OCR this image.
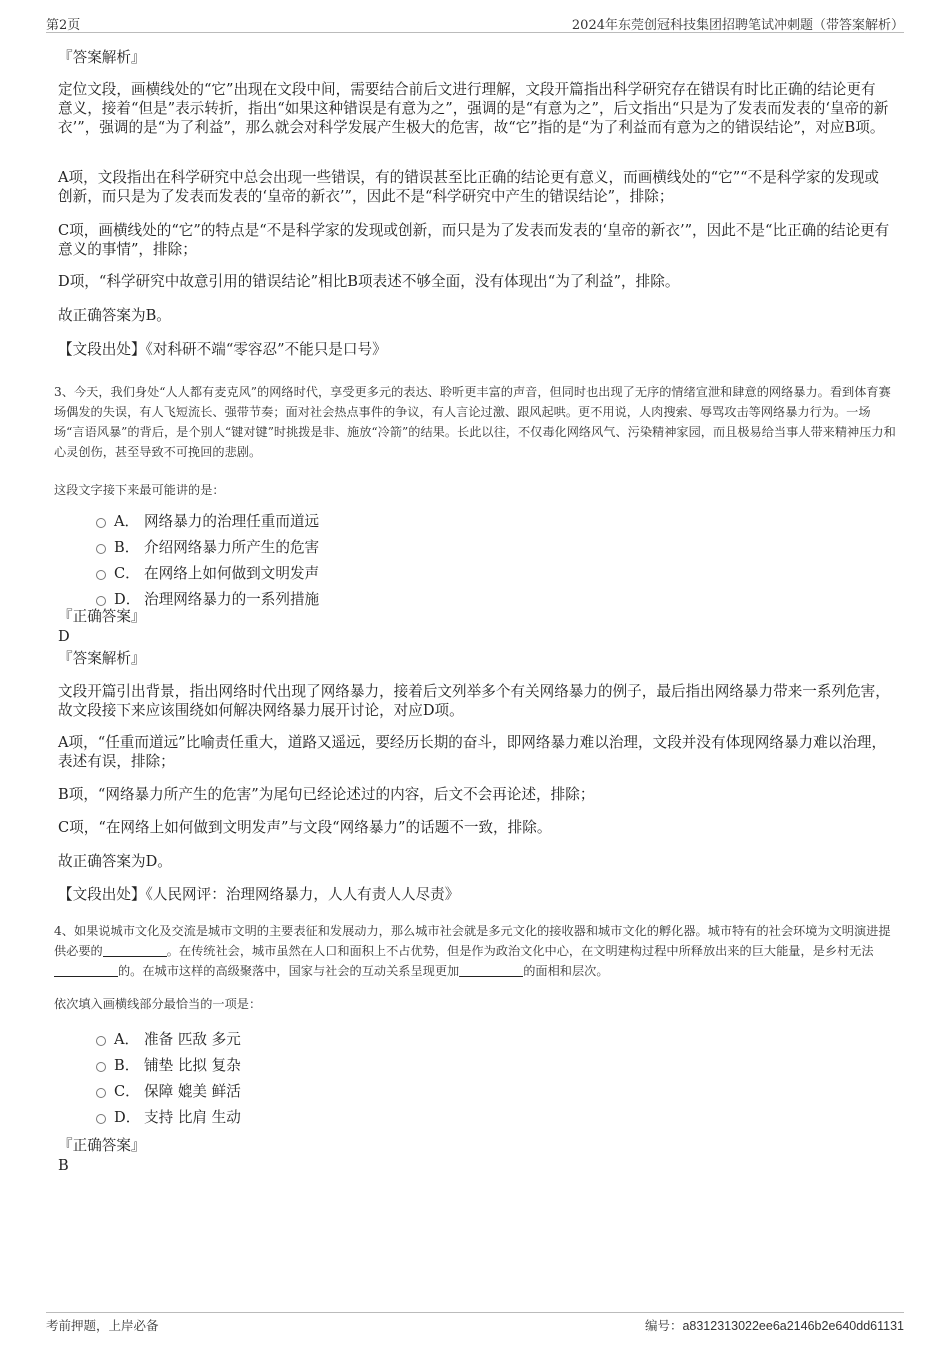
第2页	2024年东莞创冠科技集团招聘笔试冲刺题（带答案解析）
『答案解析』
定位文段，画横线处的“它”出现在文段中间，需要结合前后文进行理解，文段开篇指出科学研究存在错误有时比正确的结论更有意义，接着“但是”表示转折，指出“如果这种错误是有意为之”，强调的是“有意为之”，后文指出“只是为了发表而发表的‘皇帝的新衣’”，强调的是“为了利益”，那么就会对科学发展产生极大的危害，故“它”指的是“为了利益而有意为之的错误结论”，对应B项。
A项，文段指出在科学研究中总会出现一些错误，有的错误甚至比正确的结论更有意义，而画横线处的“它”“不是科学家的发现或创新，而只是为了发表而发表的‘皇帝的新衣’”，因此不是“科学研究中产生的错误结论”，排除；
C项，画横线处的“它”的特点是“不是科学家的发现或创新，而只是为了发表而发表的‘皇帝的新衣’”，因此不是“比正确的结论更有意义的事情”，排除；
D项，“科学研究中故意引用的错误结论”相比B项表述不够全面，没有体现出“为了利益”，排除。
故正确答案为B。
【文段出处】《对科研不端“零容忍”不能只是口号》
3、今天，我们身处“人人都有麦克风”的网络时代，享受更多元的表达、聆听更丰富的声音，但同时也出现了无序的情绪宣泄和肆意的网络暴力。看到体育赛场偶发的失误，有人飞短流长、强带节奏；面对社会热点事件的争议，有人言论过激、跟风起哄。更不用说，人肉搜索、辱骂攻击等网络暴力行为。一场场“言语风暴”的背后，是个别人“键对键”时挑拨是非、施放“冷箭”的结果。长此以往，不仅毒化网络风气、污染精神家园，而且极易给当事人带来精神压力和心灵创伤，甚至导致不可挽回的悲剧。
这段文字接下来最可能讲的是：
A． 网络暴力的治理任重而道远
B． 介绍网络暴力所产生的危害
C． 在网络上如何做到文明发声
D． 治理网络暴力的一系列措施
『正确答案』
D
『答案解析』
文段开篇引出背景，指出网络时代出现了网络暴力，接着后文列举多个有关网络暴力的例子，最后指出网络暴力带来一系列危害，故文段接下来应该围绕如何解决网络暴力展开讨论，对应D项。
A项，“任重而道远”比喻责任重大，道路又遥远，要经历长期的奋斗，即网络暴力难以治理，文段并没有体现网络暴力难以治理，表述有误，排除；
B项，“网络暴力所产生的危害”为尾句已经论述过的内容，后文不会再论述，排除；
C项，“在网络上如何做到文明发声”与文段“网络暴力”的话题不一致，排除。
故正确答案为D。
【文段出处】《人民网评：治理网络暴力，人人有责人人尽责》
4、如果说城市文化及交流是城市文明的主要表征和发展动力，那么城市社会就是多元文化的接收器和城市文化的孵化器。城市特有的社会环境为文明演进提供必要的	。在传统社会，城市虽然在人口和面积上不占优势，但是作为政治文化中心，在文明建构过程中所释放出来的巨大能量，是乡村无法的。在城市这样的高级聚落中，国家与社会的互动关系呈现更加	的面相和层次。
依次填入画横线部分最恰当的一项是：
A． 准备 匹敌 多元
B． 铺垫 比拟 复杂
C． 保障 媲美 鲜活
D． 支持 比肩 生动
『正确答案』
B
考前押题，上岸必备	编号：a8312313022ee6a2146b2e640dd61131
